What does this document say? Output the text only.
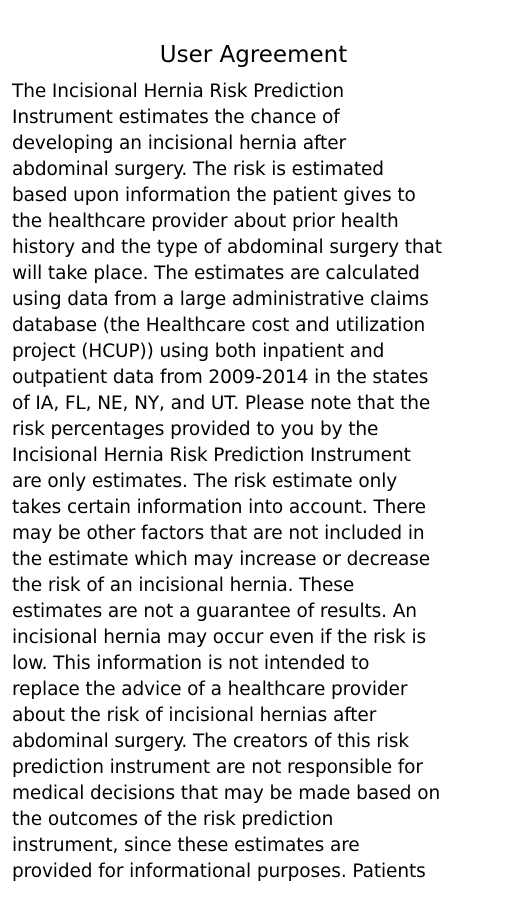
User Agreement
The Incisional Hernia Risk Prediction
Instrument estimates the chance of
developing an incisional hernia after
abdominal surgery. The risk is estimated
based upon information the patient gives to
the healthcare provider about prior health
history and the type of abdominal surgery that
will take place. The estimates are calculated
using data from a large administrative claims
database (the Healthcare cost and utilization
project (HCUP)) using both inpatient and
outpatient data from 2009-2014 in the states
of IA, FL, NE, NY, and UT. Please note that the
risk percentages provided to you by the
Incisional Hernia Risk Prediction Instrument
are only estimates. The risk estimate only
takes certain information into account. There
may be other factors that are not included in
the estimate which may increase or decrease
the risk of an incisional hernia. These
estimates are not a guarantee of results. An
incisional hernia may occur even if the risk is
low. This information is not intended to
replace the advice of a healthcare provider
about the risk of incisional hernias after
abdominal surgery. The creators of this risk
prediction instrument are not responsible for
medical decisions that may be made based on
the outcomes of the risk prediction
instrument, since these estimates are
provided for informational purposes. Patients
